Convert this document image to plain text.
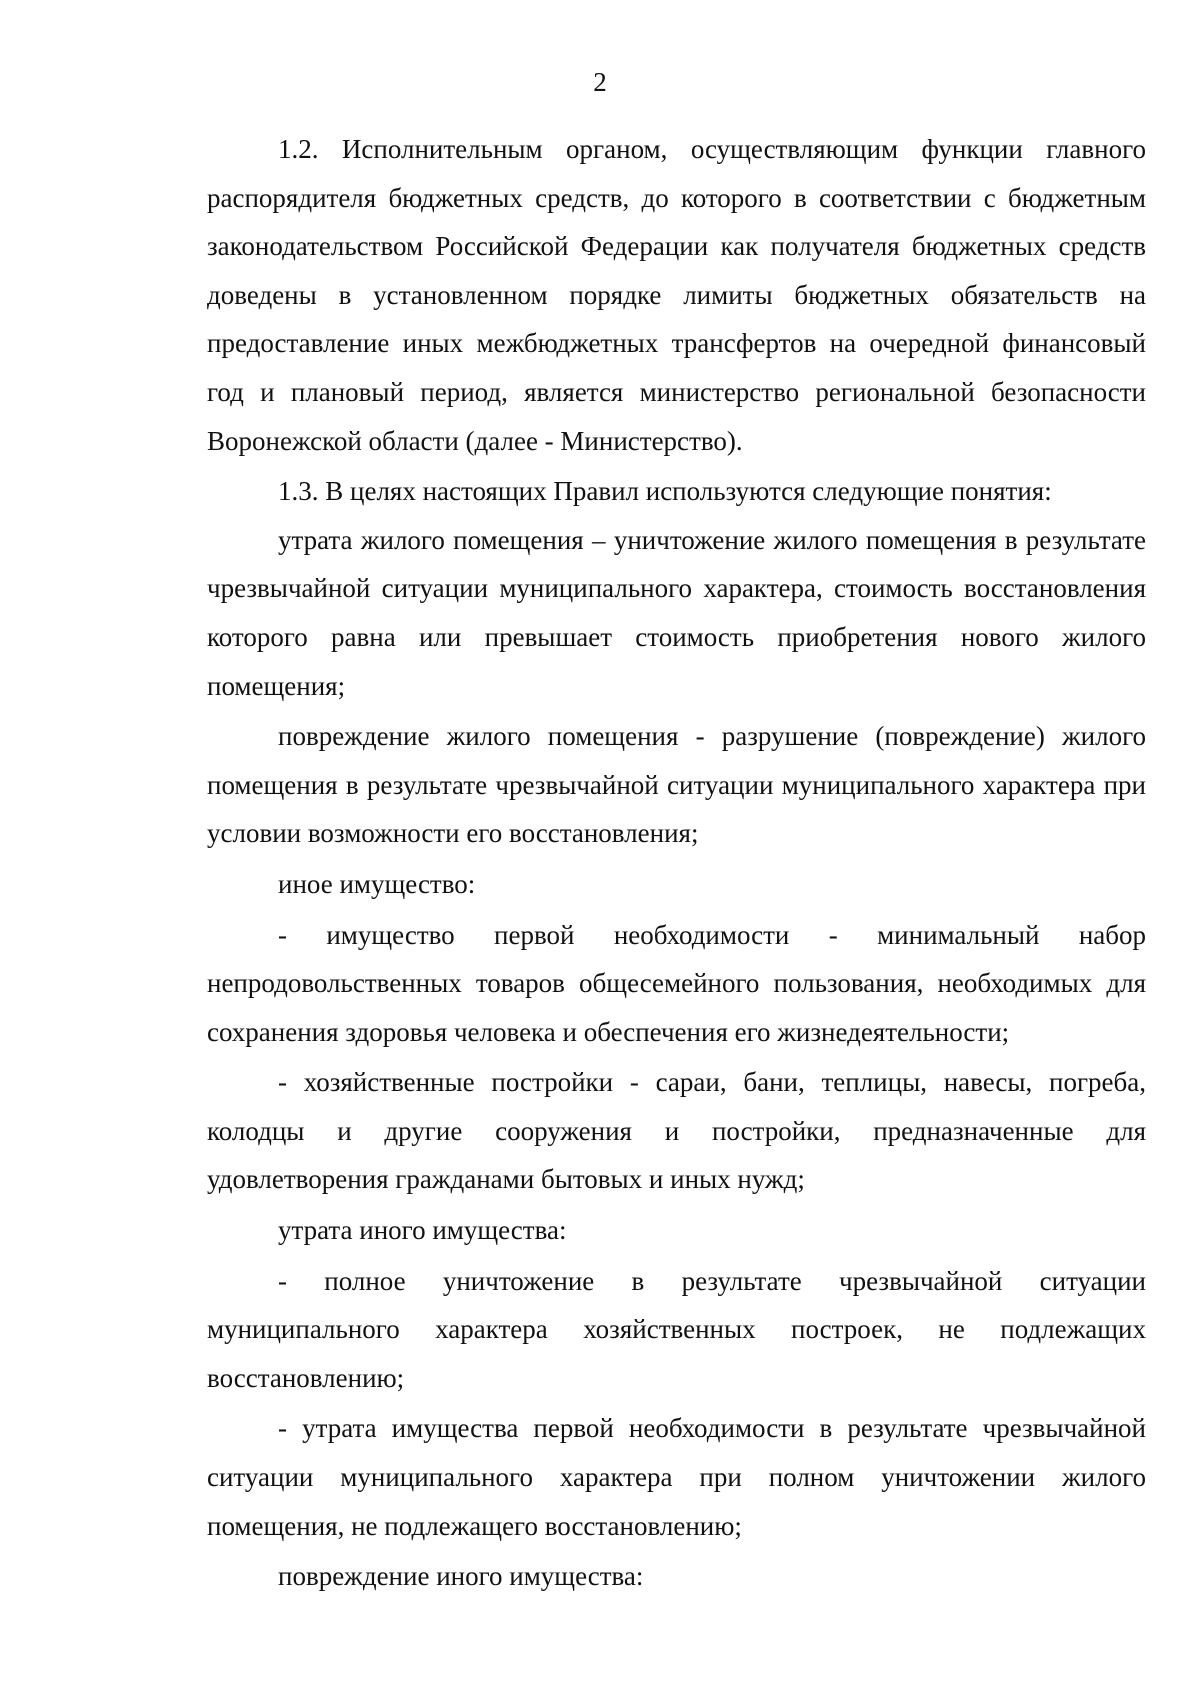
2

1.2. Исполнительным органом, осуществляющим функции главного распорядителя бюджетных средств, до которого в соответствии с бюджетным законодательством Российской Федерации как получателя бюджетных средств доведены в установленном порядке лимиты бюджетных обязательств на предоставление иных межбюджетных трансфертов на очередной финансовый год и плановый период, является министерство региональной безопасности Воронежской области (далее - Министерство).

1.3. В целях настоящих Правил используются следующие понятия:

утрата жилого помещения – уничтожение жилого помещения в результате чрезвычайной ситуации муниципального характера, стоимость восстановления которого равна или превышает стоимость приобретения нового жилого помещения;

повреждение жилого помещения - разрушение (повреждение) жилого помещения в результате чрезвычайной ситуации муниципального характера при условии возможности его восстановления;

иное имущество:

- имущество первой необходимости - минимальный набор непродовольственных товаров общесемейного пользования, необходимых для сохранения здоровья человека и обеспечения его жизнедеятельности;

- хозяйственные постройки - сараи, бани, теплицы, навесы, погреба, колодцы и другие сооружения и постройки, предназначенные для удовлетворения гражданами бытовых и иных нужд;

утрата иного имущества:

- полное уничтожение в результате чрезвычайной ситуации муниципального характера хозяйственных построек, не подлежащих восстановлению;

- утрата имущества первой необходимости в результате чрезвычайной ситуации муниципального характера при полном уничтожении жилого помещения, не подлежащего восстановлению;

повреждение иного имущества:
